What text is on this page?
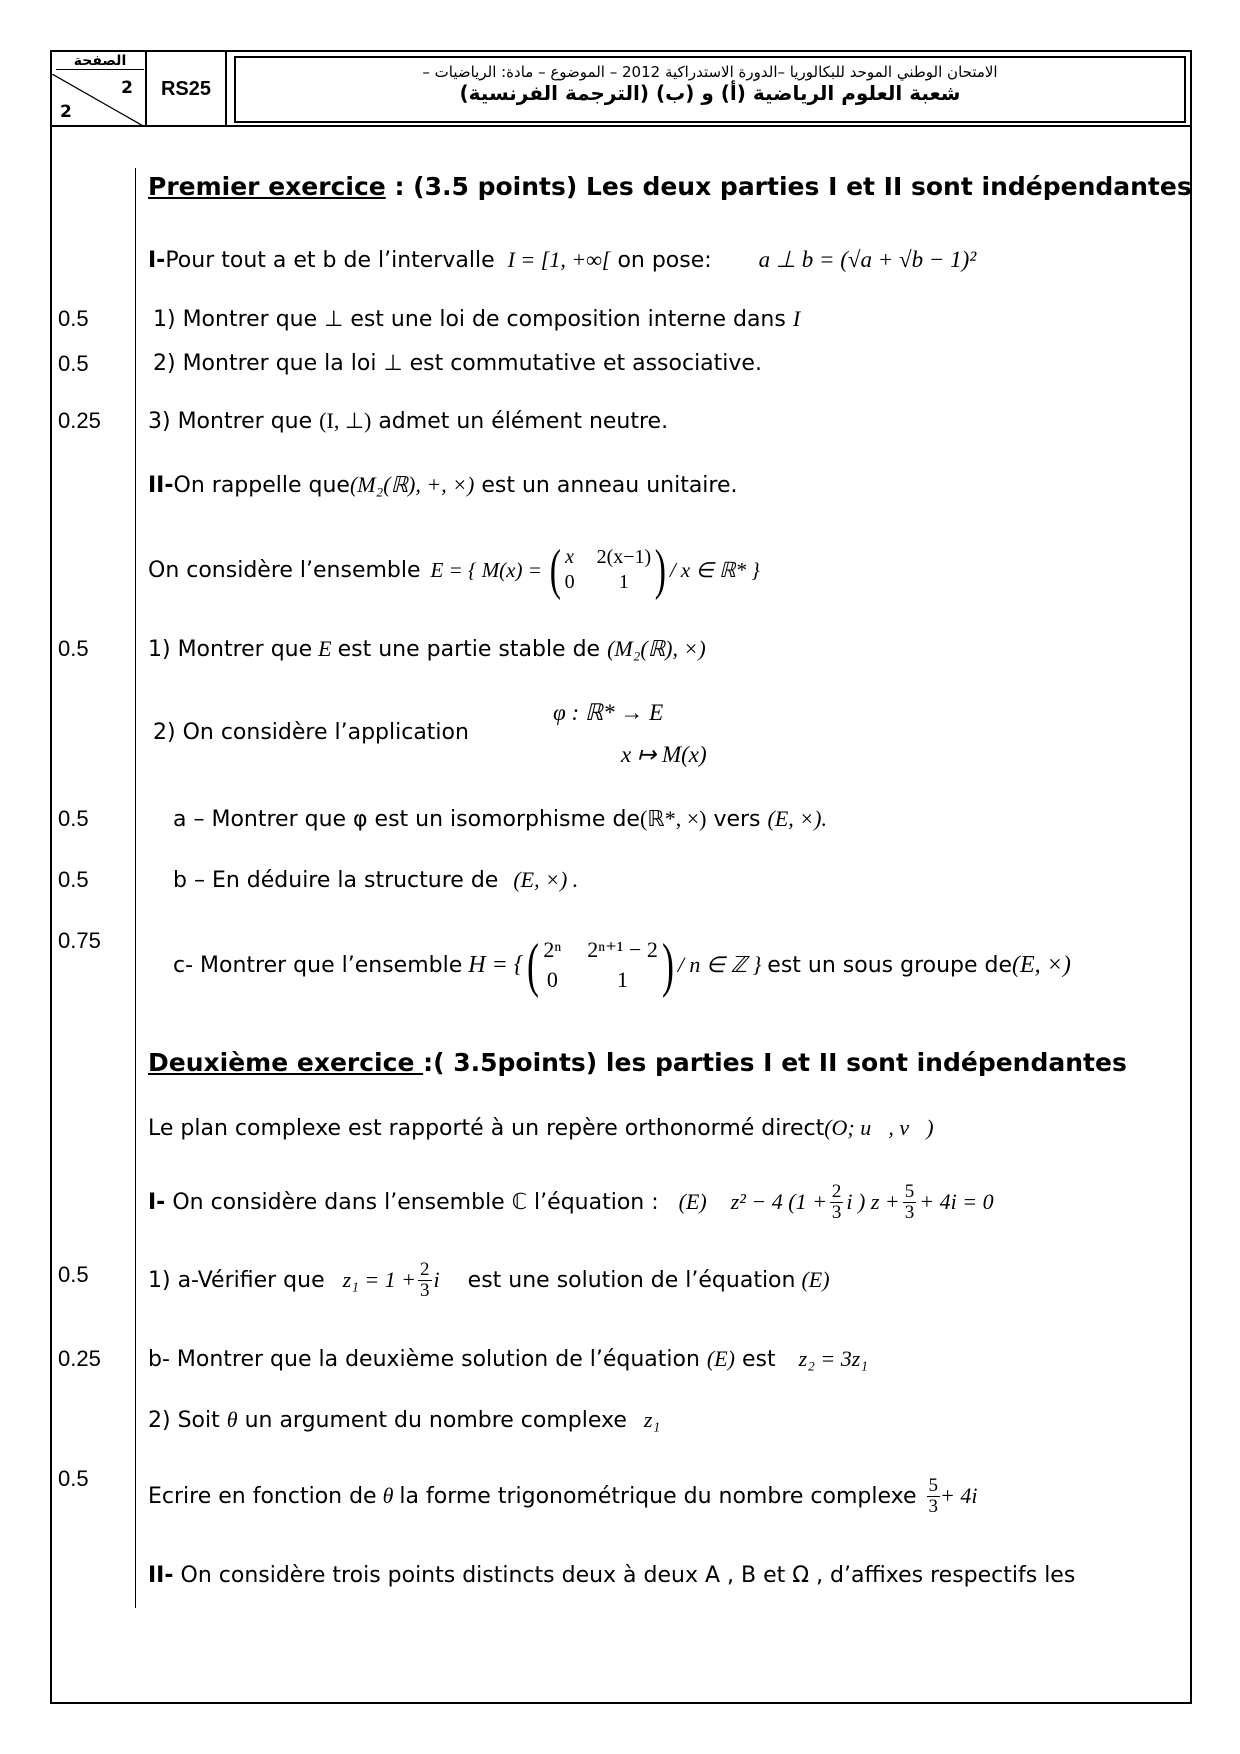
الصفحة
2
2
RS25
الامتحان الوطني الموحد للبكالوريا –الدورة الاستدراكية 2012 – الموضوع – مادة: الرياضيات –
شعبة العلوم الرياضية (أ) و (ب) (الترجمة الفرنسية)
0.5
0.5
0.25
0.5
0.5
0.5
0.75
0.5
0.25
0.5
Premier exercice : (3.5 points) Les deux parties I et II sont indépendantes
I-Pour tout a et b de l’intervalle I = [1, +∞[ on pose: a ⊥ b = (√a + √b − 1)²
1) Montrer que ⊥ est une loi de composition interne dans I
2) Montrer que la loi ⊥ est commutative et associative.
3) Montrer que (I, ⊥) admet un élément neutre.
II-On rappelle que(M₂(ℝ), +, ×) est un anneau unitaire.
On considère l’ensemble E = { M(x) = ( x 2(x−1)
0	1 ) / x ∈ ℝ* }
1) Montrer que E est une partie stable de (M₂(ℝ), ×)
2) On considère l’application
φ : ℝ* → E
x ↦ M(x)
a – Montrer que φ est un isomorphisme de(ℝ*, ×) vers (E, ×).
b – En déduire la structure de (E, ×) .
c- Montrer que l’ensemble H = { ( 2ⁿ 2ⁿ⁺¹ − 2
0	1 ) / n ∈ ℤ } est un sous groupe de (E, ×)
Deuxième exercice :( 3.5points) les parties I et II sont indépendantes
Le plan complexe est rapporté à un repère orthonormé direct(O; u⃗, v⃗)
I-
On considère dans l’ensemble ℂ l’équation : (E) z² − 4 ($1 + \frac{2}{3}$ i ) $z + \frac{5}{3} + 4i = 0$
1) a-Vérifier que $z_1 = 1 + \frac{2}{3}$ i est une solution de l’équation (E)
b- Montrer que la deuxième solution de l’équation (E) est z₂ = 3z₁
2) Soit θ un argument du nombre complexe z₁
Ecrire en fonction de θ la forme trigonométrique du nombre complexe $\frac{5}{3} + 4i$
II- On considère trois points distincts deux à deux A , B et Ω , d’affixes respectifs les
